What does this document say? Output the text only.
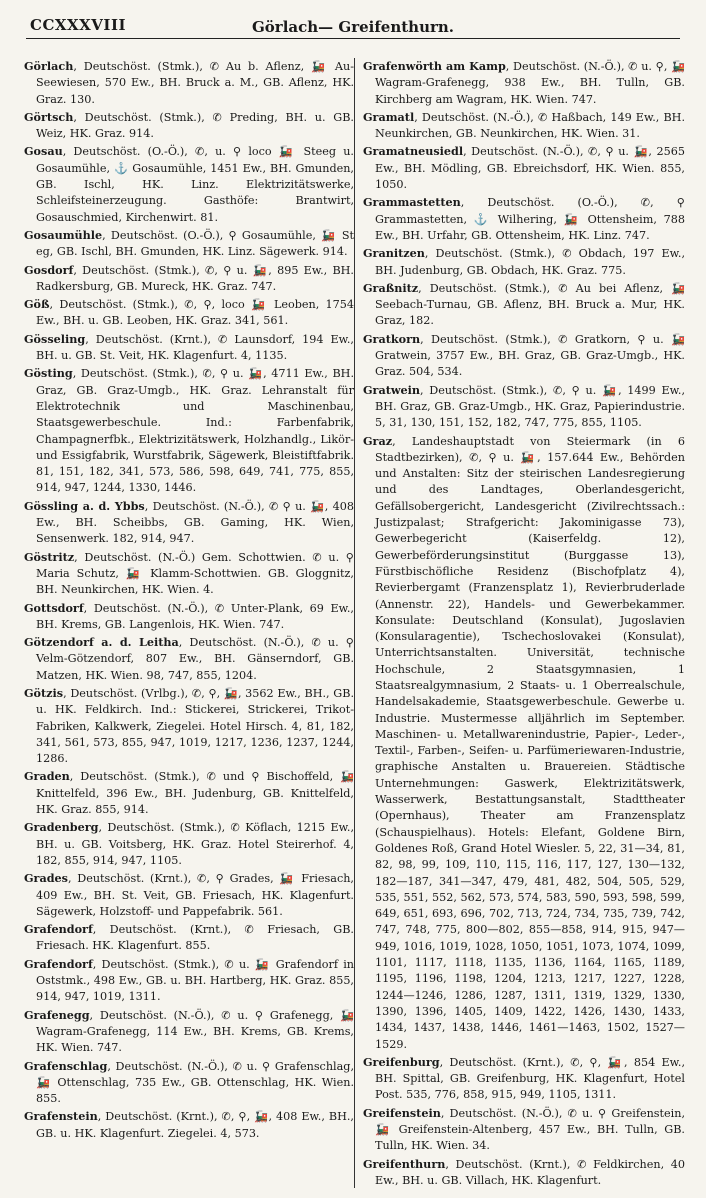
CCXXXVIII	Görlach— Greifenthurn.
Görlach, Deutschöst. (Stmk.), ✆ Au b. Aflenz, 🚂 Au-Seewiesen, 570 Ew., BH. Bruck a. M., GB. Aflenz, HK. Graz. 130.
Görtsch, Deutschöst. (Stmk.), ✆ Preding, BH. u. GB. Weiz, HK. Graz. 914.
Gosau, Deutschöst. (O.-Ö.), ✆, u. ⚲ loco 🚂 Steeg u. Gosaumühle, ⚓ Gosaumühle, 1451 Ew., BH. Gmunden, GB. Ischl, HK. Linz. Elektrizitätswerke, Schleifsteinerzeugung. Gasthöfe: Brantwirt, Gosauschmied, Kirchenwirt. 81.
Gosaumühle, Deutschöst. (O.-Ö.), ⚲ Gosaumühle, 🚂 St eg, GB. Ischl, BH. Gmunden, HK. Linz. Sägewerk. 914.
Gosdorf, Deutschöst. (Stmk.), ✆, ⚲ u. 🚂, 895 Ew., BH. Radkersburg, GB. Mureck, HK. Graz. 747.
Göß, Deutschöst. (Stmk.), ✆, ⚲, loco 🚂 Leoben, 1754 Ew., BH. u. GB. Leoben, HK. Graz. 341, 561.
Gösseling, Deutschöst. (Krnt.), ✆ Launsdorf, 194 Ew., BH. u. GB. St. Veit, HK. Klagenfurt. 4, 1135.
Gösting, Deutschöst. (Stmk.), ✆, ⚲ u. 🚂, 4711 Ew., BH. Graz, GB. Graz-Umgb., HK. Graz. Lehranstalt für Elektrotechnik und Maschinenbau, Staatsgewerbeschule. Ind.: Farbenfabrik, Champagnerfbk., Elektrizitätswerk, Holzhandlg., Likör- und Essigfabrik, Wurstfabrik, Sägewerk, Bleistiftfabrik. 81, 151, 182, 341, 573, 586, 598, 649, 741, 775, 855, 914, 947, 1244, 1330, 1446.
Gössling a. d. Ybbs, Deutschöst. (N.-Ö.), ✆ ⚲ u. 🚂, 408 Ew., BH. Scheibbs, GB. Gaming, HK. Wien, Sensenwerk. 182, 914, 947.
Göstritz, Deutschöst. (N.-Ö.) Gem. Schottwien. ✆ u. ⚲ Maria Schutz, 🚂 Klamm-Schottwien. GB. Gloggnitz, BH. Neunkirchen, HK. Wien. 4.
Gottsdorf, Deutschöst. (N.-Ö.), ✆ Unter-Plank, 69 Ew., BH. Krems, GB. Langenlois, HK. Wien. 747.
Götzendorf a. d. Leitha, Deutschöst. (N.-Ö.), ✆ u. ⚲ Velm-Götzendorf, 807 Ew., BH. Gänserndorf, GB. Matzen, HK. Wien. 98, 747, 855, 1204.
Götzis, Deutschöst. (Vrlbg.), ✆, ⚲, 🚂, 3562 Ew., BH., GB. u. HK. Feldkirch. Ind.: Stickerei, Strickerei, Trikot-Fabriken, Kalkwerk, Ziegelei. Hotel Hirsch. 4, 81, 182, 341, 561, 573, 855, 947, 1019, 1217, 1236, 1237, 1244, 1286.
Graden, Deutschöst. (Stmk.), ✆ und ⚲ Bischoffeld, 🚂 Knittelfeld, 396 Ew., BH. Judenburg, GB. Knittelfeld, HK. Graz. 855, 914.
Gradenberg, Deutschöst. (Stmk.), ✆ Köflach, 1215 Ew., BH. u. GB. Voitsberg, HK. Graz. Hotel Steirerhof. 4, 182, 855, 914, 947, 1105.
Grades, Deutschöst. (Krnt.), ✆, ⚲ Grades, 🚂 Friesach, 409 Ew., BH. St. Veit, GB. Friesach, HK. Klagenfurt. Sägewerk, Holzstoff- und Pappefabrik. 561.
Grafendorf, Deutschöst. (Krnt.), ✆ Friesach, GB. Friesach. HK. Klagenfurt. 855.
Grafendorf, Deutschöst. (Stmk.), ✆ u. 🚂 Grafendorf in Oststmk., 498 Ew., GB. u. BH. Hartberg, HK. Graz. 855, 914, 947, 1019, 1311.
Grafenegg, Deutschöst. (N.-Ö.), ✆ u. ⚲ Grafenegg, 🚂 Wagram-Grafenegg, 114 Ew., BH. Krems, GB. Krems, HK. Wien. 747.
Grafenschlag, Deutschöst. (N.-Ö.), ✆ u. ⚲ Grafenschlag, 🚂 Ottenschlag, 735 Ew., GB. Ottenschlag, HK. Wien. 855.
Grafenstein, Deutschöst. (Krnt.), ✆, ⚲, 🚂, 408 Ew., BH., GB. u. HK. Klagenfurt. Ziegelei. 4, 573.
Grafenwörth am Kamp, Deutschöst. (N.-Ö.), ✆ u. ⚲, 🚂 Wagram-Grafenegg, 938 Ew., BH. Tulln, GB. Kirchberg am Wagram, HK. Wien. 747.
Gramatl, Deutschöst. (N.-Ö.), ✆ Haßbach, 149 Ew., BH. Neunkirchen, GB. Neunkirchen, HK. Wien. 31.
Gramatneusiedl, Deutschöst. (N.-Ö.), ✆, ⚲ u. 🚂, 2565 Ew., BH. Mödling, GB. Ebreichsdorf, HK. Wien. 855, 1050.
Grammastetten, Deutschöst. (O.-Ö.), ✆, ⚲ Grammastetten, ⚓ Wilhering, 🚂 Ottensheim, 788 Ew., BH. Urfahr, GB. Ottensheim, HK. Linz. 747.
Granitzen, Deutschöst. (Stmk.), ✆ Obdach, 197 Ew., BH. Judenburg, GB. Obdach, HK. Graz. 775.
Graßnitz, Deutschöst. (Stmk.), ✆ Au bei Aflenz, 🚂 Seebach-Turnau, GB. Aflenz, BH. Bruck a. Mur, HK. Graz, 182.
Gratkorn, Deutschöst. (Stmk.), ✆ Gratkorn, ⚲ u. 🚂 Gratwein, 3757 Ew., BH. Graz, GB. Graz-Umgb., HK. Graz. 504, 534.
Gratwein, Deutschöst. (Stmk.), ✆, ⚲ u. 🚂, 1499 Ew., BH. Graz, GB. Graz-Umgb., HK. Graz, Papierindustrie. 5, 31, 130, 151, 152, 182, 747, 775, 855, 1105.
Graz, Landeshauptstadt von Steiermark (in 6 Stadtbezirken), ✆, ⚲ u. 🚂, 157.644 Ew., Behörden und Anstalten: Sitz der steirischen Landesregierung und des Landtages, Oberlandesgericht, Gefällsobergericht, Landesgericht (Zivilrechtssach.: Justizpalast; Strafgericht: Jakominigasse 73), Gewerbegericht (Kaiserfeldg. 12), Gewerbeförderungsinstitut (Burggasse 13), Fürstbischöfliche Residenz (Bischofplatz 4), Revierbergamt (Franzensplatz 1), Revierbruderlade (Annenstr. 22), Handels- und Gewerbekammer. Konsulate: Deutschland (Konsulat), Jugoslavien (Konsularagentie), Tschechoslovakei (Konsulat), Unterrichtsanstalten. Universität, technische Hochschule, 2 Staatsgymnasien, 1 Staatsrealgymnasium, 2 Staats- u. 1 Oberrealschule, Handelsakademie, Staatsgewerbeschule. Gewerbe u. Industrie. Mustermesse alljährlich im September. Maschinen- u. Metallwarenindustrie, Papier-, Leder-, Textil-, Farben-, Seifen- u. Parfümeriewaren-Industrie, graphische Anstalten u. Brauereien. Städtische Unternehmungen: Gaswerk, Elektrizitätswerk, Wasserwerk, Bestattungsanstalt, Stadttheater (Opernhaus), Theater am Franzensplatz (Schauspielhaus). Hotels: Elefant, Goldene Birn, Goldenes Roß, Grand Hotel Wiesler. 5, 22, 31—34, 81, 82, 98, 99, 109, 110, 115, 116, 117, 127, 130—132, 182—187, 341—347, 479, 481, 482, 504, 505, 529, 535, 551, 552, 562, 573, 574, 583, 590, 593, 598, 599, 649, 651, 693, 696, 702, 713, 724, 734, 735, 739, 742, 747, 748, 775, 800—802, 855—858, 914, 915, 947—949, 1016, 1019, 1028, 1050, 1051, 1073, 1074, 1099, 1101, 1117, 1118, 1135, 1136, 1164, 1165, 1189, 1195, 1196, 1198, 1204, 1213, 1217, 1227, 1228, 1244—1246, 1286, 1287, 1311, 1319, 1329, 1330, 1390, 1396, 1405, 1409, 1422, 1426, 1430, 1433, 1434, 1437, 1438, 1446, 1461—1463, 1502, 1527—1529.
Greifenburg, Deutschöst. (Krnt.), ✆, ⚲, 🚂, 854 Ew., BH. Spittal, GB. Greifenburg, HK. Klagenfurt, Hotel Post. 535, 776, 858, 915, 949, 1105, 1311.
Greifenstein, Deutschöst. (N.-Ö.), ✆ u. ⚲ Greifenstein, 🚂 Greifenstein-Altenberg, 457 Ew., BH. Tulln, GB. Tulln, HK. Wien. 34.
Greifenthurn, Deutschöst. (Krnt.), ✆ Feldkirchen, 40 Ew., BH. u. GB. Villach, HK. Klagenfurt.
